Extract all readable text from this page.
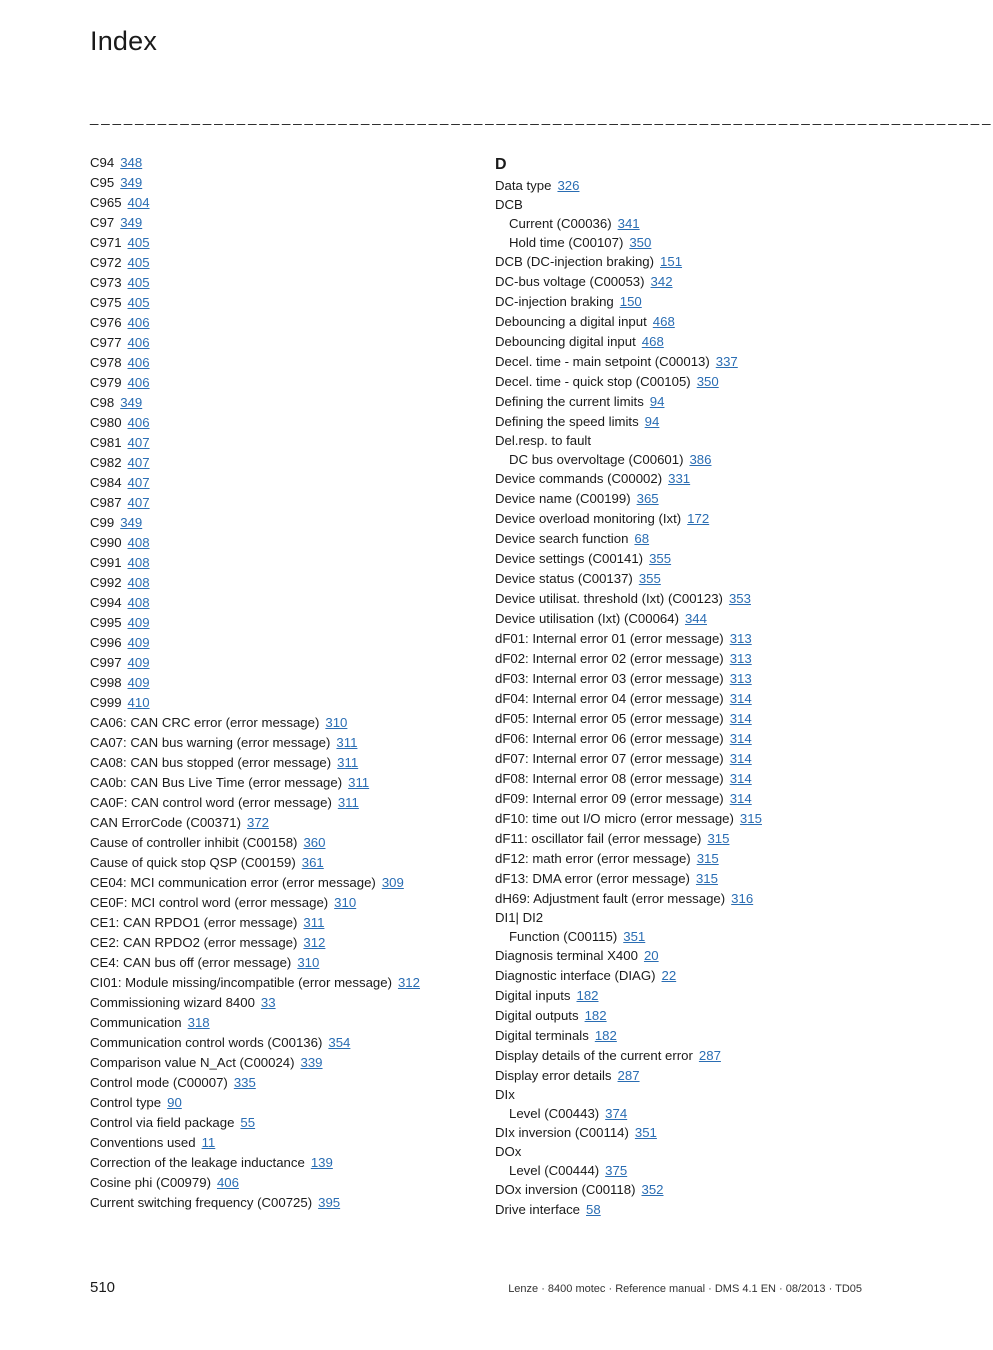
Index
________________________________________________________________________________
C94 348
C95 349
C965 404
C97 349
C971 405
C972 405
C973 405
C975 405
C976 406
C977 406
C978 406
C979 406
C98 349
C980 406
C981 407
C982 407
C984 407
C987 407
C99 349
C990 408
C991 408
C992 408
C994 408
C995 409
C996 409
C997 409
C998 409
C999 410
CA06: CAN CRC error (error message) 310
CA07: CAN bus warning (error message) 311
CA08: CAN bus stopped (error message) 311
CA0b: CAN Bus Live Time (error message) 311
CA0F: CAN control word (error message) 311
CAN ErrorCode (C00371) 372
Cause of controller inhibit (C00158) 360
Cause of quick stop QSP (C00159) 361
CE04: MCI communication error (error message) 309
CE0F: MCI control word (error message) 310
CE1: CAN RPDO1 (error message) 311
CE2: CAN RPDO2 (error message) 312
CE4: CAN bus off (error message) 310
CI01: Module missing/incompatible (error message) 312
Commissioning wizard 8400 33
Communication 318
Communication control words (C00136) 354
Comparison value N_Act (C00024) 339
Control mode (C00007) 335
Control type 90
Control via field package 55
Conventions used 11
Correction of the leakage inductance 139
Cosine phi (C00979) 406
Current switching frequency (C00725) 395
D
Data type 326
DCB
Current (C00036) 341
Hold time (C00107) 350
DCB (DC-injection braking) 151
DC-bus voltage (C00053) 342
DC-injection braking 150
Debouncing a digital input 468
Debouncing digital input 468
Decel. time - main setpoint (C00013) 337
Decel. time - quick stop (C00105) 350
Defining the current limits 94
Defining the speed limits 94
Del.resp. to fault
DC bus overvoltage (C00601) 386
Device commands (C00002) 331
Device name (C00199) 365
Device overload monitoring (Ixt) 172
Device search function 68
Device settings (C00141) 355
Device status (C00137) 355
Device utilisat. threshold (Ixt) (C00123) 353
Device utilisation (Ixt) (C00064) 344
dF01: Internal error 01 (error message) 313
dF02: Internal error 02 (error message) 313
dF03: Internal error 03 (error message) 313
dF04: Internal error 04 (error message) 314
dF05: Internal error 05 (error message) 314
dF06: Internal error 06 (error message) 314
dF07: Internal error 07 (error message) 314
dF08: Internal error 08 (error message) 314
dF09: Internal error 09 (error message) 314
dF10: time out I/O micro (error message) 315
dF11: oscillator fail (error message) 315
dF12: math error (error message) 315
dF13: DMA error (error message) 315
dH69: Adjustment fault (error message) 316
DI1| DI2
Function (C00115) 351
Diagnosis terminal X400 20
Diagnostic interface (DIAG) 22
Digital inputs 182
Digital outputs 182
Digital terminals 182
Display details of the current error 287
Display error details 287
DIx
Level (C00443) 374
DIx inversion (C00114) 351
DOx
Level (C00444) 375
DOx inversion (C00118) 352
Drive interface 58
510	Lenze · 8400 motec · Reference manual · DMS 4.1 EN · 08/2013 · TD05
